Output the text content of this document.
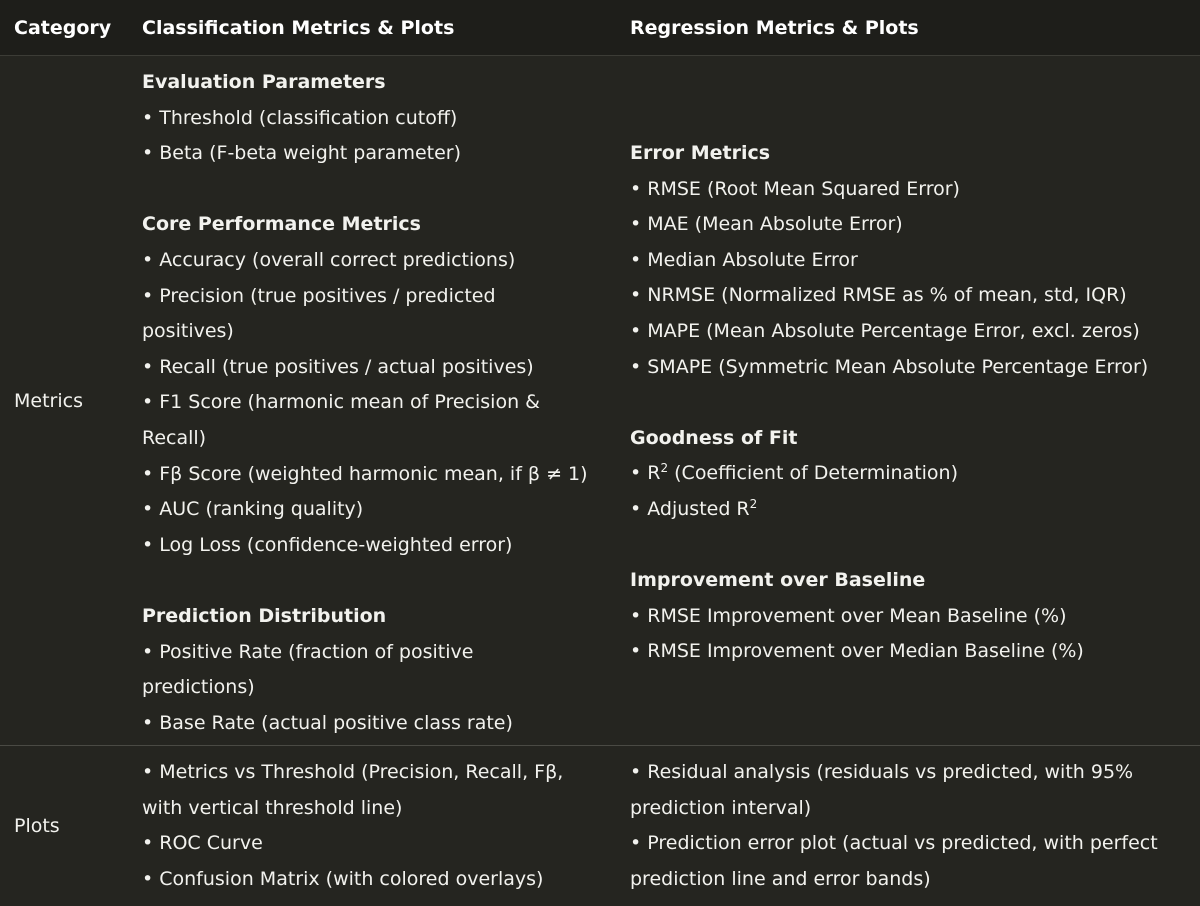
Category	Classification Metrics & Plots	Regression Metrics & Plots
Metrics
Evaluation Parameters
• Threshold (classification cutoff)
• Beta (F-beta weight parameter)
Core Performance Metrics
• Accuracy (overall correct predictions)
• Precision (true positives / predicted
positives)
• Recall (true positives / actual positives)
• F1 Score (harmonic mean of Precision &
Recall)
• Fβ Score (weighted harmonic mean, if β ≠ 1)
• AUC (ranking quality)
• Log Loss (confidence-weighted error)
Prediction Distribution
• Positive Rate (fraction of positive
predictions)
• Base Rate (actual positive class rate)
Error Metrics
• RMSE (Root Mean Squared Error)
• MAE (Mean Absolute Error)
• Median Absolute Error
• NRMSE (Normalized RMSE as % of mean, std, IQR)
• MAPE (Mean Absolute Percentage Error, excl. zeros)
• SMAPE (Symmetric Mean Absolute Percentage Error)
Goodness of Fit
• $R^2$ (Coefficient of Determination)
• Adjusted $R^2$
Improvement over Baseline
• RMSE Improvement over Mean Baseline (%)
• RMSE Improvement over Median Baseline (%)
Plots
• Metrics vs Threshold (Precision, Recall, Fβ,
with vertical threshold line)
• ROC Curve
• Confusion Matrix (with colored overlays)
• Residual analysis (residuals vs predicted, with 95%
prediction interval)
• Prediction error plot (actual vs predicted, with perfect
prediction line and error bands)
